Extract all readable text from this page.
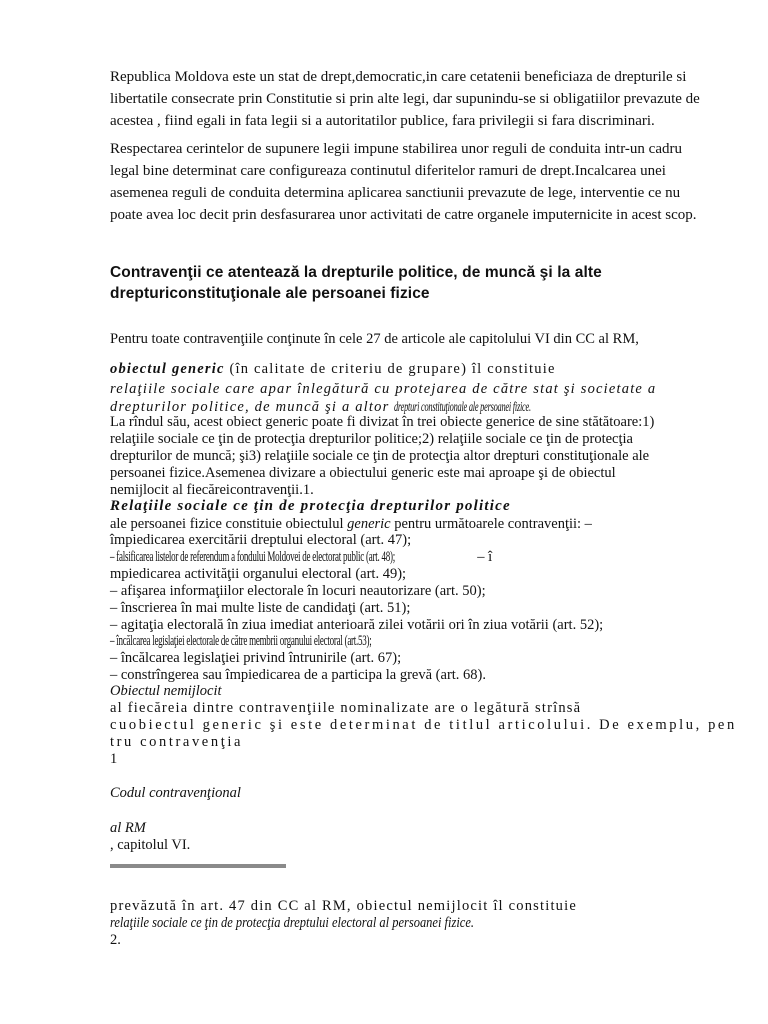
Republica Moldova este un stat de drept,democratic,in care cetatenii beneficiaza de drepturile si libertatile consecrate prin Constitutie si prin alte legi, dar supunindu-se si obligatiilor prevazute de acestea , fiind egali in fata legii si a autoritatilor publice, fara privilegii si fara discriminari.
Respectarea cerintelor de supunere legii impune stabilirea unor reguli de conduita intr-un cadru legal bine determinat care configureaza continutul diferitelor ramuri de drept.Incalcarea unei asemenea reguli de conduita determina aplicarea sanctiunii prevazute de lege, interventie ce nu poate avea loc decit prin desfasurarea unor activitati de catre organele imputernicite in acest scop.
Contravenţii ce atentează la drepturile politice, de muncă şi la alte drepturiconstituţionale ale persoanei fizice
Pentru toate contravenţiile conţinute în cele 27 de articole ale capitolului VI din CC al RM,
obiectul generic (în calitate de criteriu de grupare) îl constituie
relaţiile sociale care apar înlegătură cu protejarea de către stat şi societate a
drepturilor politice, de muncă şi a altor drepturi constituţionale ale persoanei fizice.
La rîndul său, acest obiect generic poate fi divizat în trei obiecte generice de sine stătătoare:1)
relaţiile sociale ce ţin de protecţia drepturilor politice;2) relaţiile sociale ce ţin de protecţia
drepturilor de muncă; şi3) relaţiile sociale ce ţin de protecţia altor drepturi constituţionale ale
persoanei fizice.Asemenea divizare a obiectului generic este mai aproape şi de obiectul
nemijlocit al fiecăreicontravenţii.1.
Relaţiile sociale ce ţin de protecţia drepturilor politice
ale persoanei fizice constituie obiectulul generic pentru următoarele contravenţii: –
împiedicarea exercitării dreptului electoral (art. 47);
– falsificarea listelor de referendum a fondului Moldovei de electorat public (art. 48);	– î
mpiedicarea activităţii organului electoral (art. 49);
– afişarea informaţiilor electorale în locuri neautorizare (art. 50);
– înscrierea în mai multe liste de candidaţi (art. 51);
– agitaţia electorală în ziua imediat anterioară zilei votării ori în ziua votării (art. 52);
– încălcarea legislaţiei electorale de către membrii organului electoral (art.53);
– încălcarea legislaţiei privind întrunirile (art. 67);
– constrîngerea sau împiedicarea de a participa la grevă (art. 68).
Obiectul nemijlocit
al fiecăreia dintre contravenţiile nominalizate are o legătură strînsă
cuobiectul generic şi este determinat de titlul articolului. De exemplu, pen
tru contravenţia
1
Codul contravenţional
al RM
, capitolul VI.
prevăzută în art. 47 din CC al RM, obiectul nemijlocit îl constituie
relaţiile sociale ce ţin de protecţia dreptului electoral al persoanei fizice.
2.
